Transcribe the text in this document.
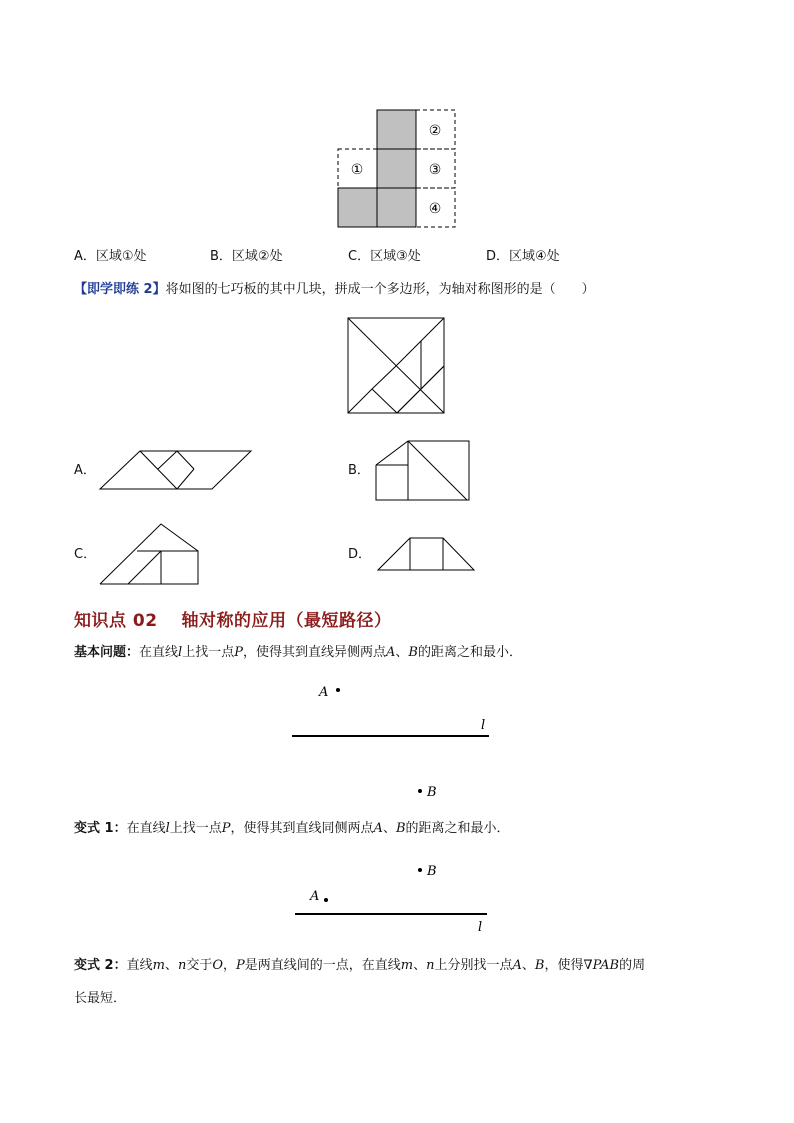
②
①	③
④
A．区域①处	B．区域②处	C．区域③处	D．区域④处
【即学即练 2】将如图的七巧板的其中几块，拼成一个多边形，为轴对称图形的是（　　）
A．	B．
C．	D．
知识点 02　 轴对称的应用（最短路径）
基本问题：在直线l上找一点P，使得其到直线异侧两点A、B的距离之和最小．
A
l
B
变式 1：在直线l上找一点P，使得其到直线同侧两点A、B的距离之和最小．
B
A
l
变式 2：直线m、n交于O，P是两直线间的一点，在直线m、n上分别找一点A、B，使得∇PAB的周
长最短．
